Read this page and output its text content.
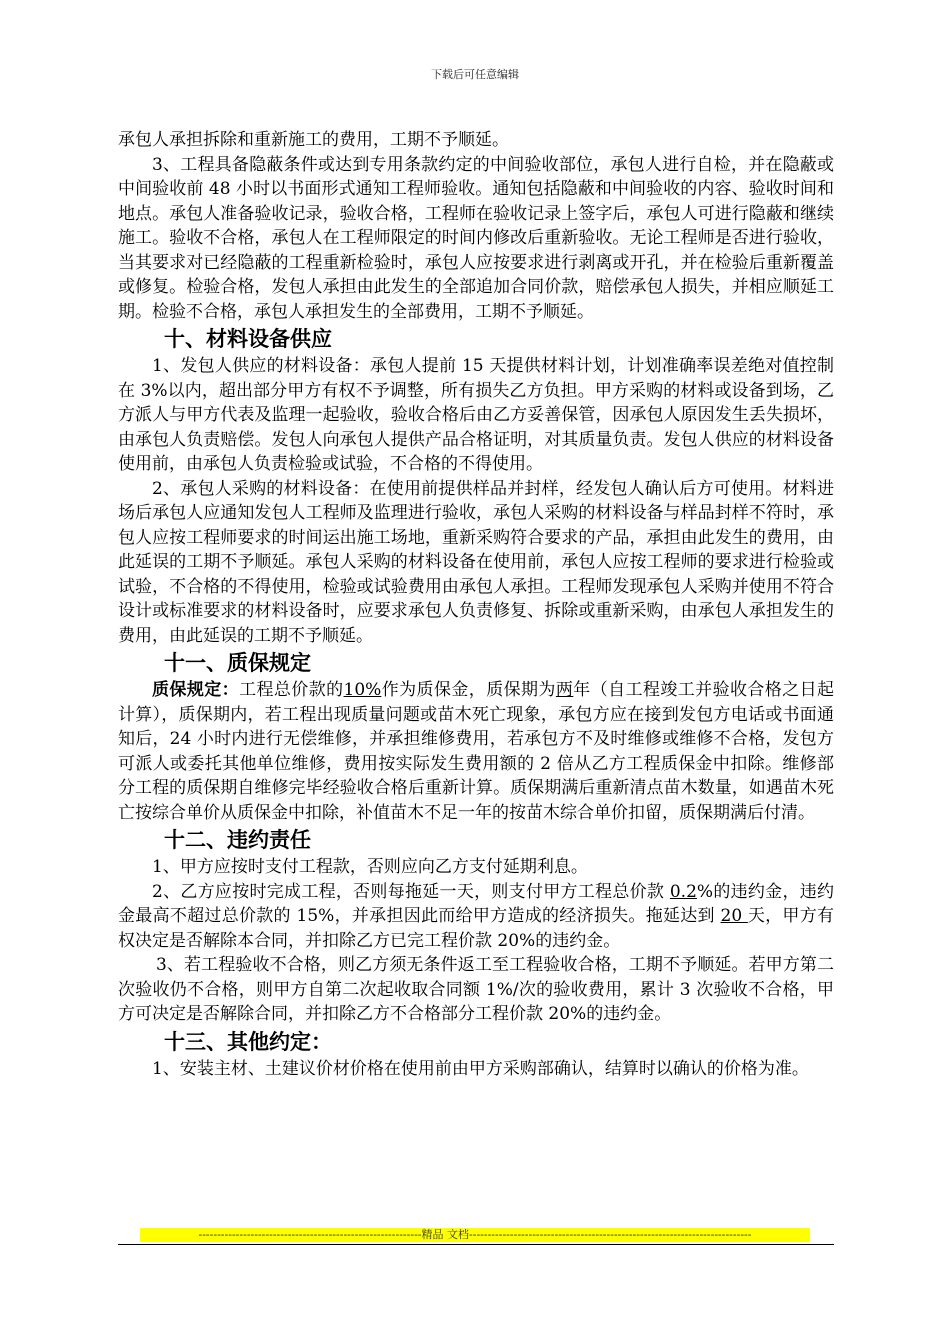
下载后可任意编辑

承包人承担拆除和重新施工的费用，工期不予顺延。

3、工程具备隐蔽条件或达到专用条款约定的中间验收部位，承包人进行自检，并在隐蔽或中间验收前 48 小时以书面形式通知工程师验收。通知包括隐蔽和中间验收的内容、验收时间和地点。承包人准备验收记录，验收合格，工程师在验收记录上签字后，承包人可进行隐蔽和继续施工。验收不合格，承包人在工程师限定的时间内修改后重新验收。无论工程师是否进行验收，当其要求对已经隐蔽的工程重新检验时，承包人应按要求进行剥离或开孔，并在检验后重新覆盖或修复。检验合格，发包人承担由此发生的全部追加合同价款，赔偿承包人损失，并相应顺延工期。检验不合格，承包人承担发生的全部费用，工期不予顺延。

十、材料设备供应

1、发包人供应的材料设备：承包人提前 15 天提供材料计划，计划准确率误差绝对值控制在 3%以内，超出部分甲方有权不予调整，所有损失乙方负担。甲方采购的材料或设备到场，乙方派人与甲方代表及监理一起验收，验收合格后由乙方妥善保管，因承包人原因发生丢失损坏，由承包人负责赔偿。发包人向承包人提供产品合格证明，对其质量负责。发包人供应的材料设备使用前，由承包人负责检验或试验，不合格的不得使用。

2、承包人采购的材料设备：在使用前提供样品并封样，经发包人确认后方可使用。材料进场后承包人应通知发包人工程师及监理进行验收，承包人采购的材料设备与样品封样不符时，承包人应按工程师要求的时间运出施工场地，重新采购符合要求的产品，承担由此发生的费用，由此延误的工期不予顺延。承包人采购的材料设备在使用前，承包人应按工程师的要求进行检验或试验，不合格的不得使用，检验或试验费用由承包人承担。工程师发现承包人采购并使用不符合设计或标准要求的材料设备时，应要求承包人负责修复、拆除或重新采购，由承包人承担发生的费用，由此延误的工期不予顺延。

十一、质保规定

质保规定：工程总价款的10%作为质保金，质保期为两年（自工程竣工并验收合格之日起计算），质保期内，若工程出现质量问题或苗木死亡现象，承包方应在接到发包方电话或书面通知后，24 小时内进行无偿维修，并承担维修费用，若承包方不及时维修或维修不合格，发包方可派人或委托其他单位维修，费用按实际发生费用额的 2 倍从乙方工程质保金中扣除。维修部分工程的质保期自维修完毕经验收合格后重新计算。质保期满后重新清点苗木数量，如遇苗木死亡按综合单价从质保金中扣除，补值苗木不足一年的按苗木综合单价扣留，质保期满后付清。

十二、违约责任

1、甲方应按时支付工程款，否则应向乙方支付延期利息。

2、乙方应按时完成工程，否则每拖延一天，则支付甲方工程总价款 0.2%的违约金，违约金最高不超过总价款的 15%，并承担因此而给甲方造成的经济损失。拖延达到 20 天，甲方有权决定是否解除本合同，并扣除乙方已完工程价款 20%的违约金。

3、若工程验收不合格，则乙方须无条件返工至工程验收合格，工期不予顺延。若甲方第二次验收仍不合格，则甲方自第二次起收取合同额 1%/次的验收费用，累计 3 次验收不合格，甲方可决定是否解除合同，并扣除乙方不合格部分工程价款 20%的违约金。

十三、其他约定：

1、安装主材、土建议价材价格在使用前由甲方采购部确认，结算时以确认的价格为准。

------------------------------------------------------------精品 文档----------------------------------------------------------------------------
